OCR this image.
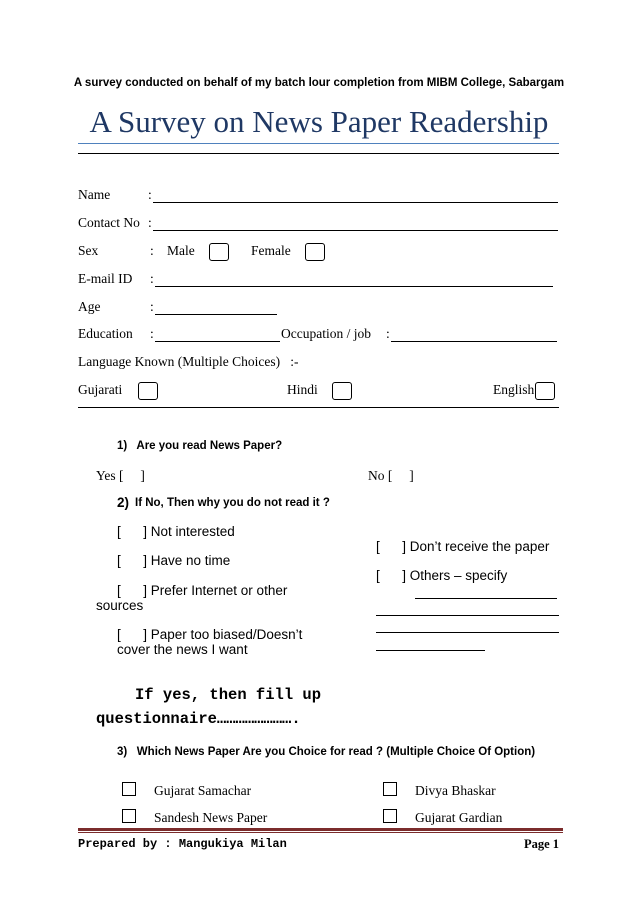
A survey conducted on behalf of my batch lour completion from MIBM College, Sabargam
A Survey on News Paper Readership
Name	:
Contact No :
Sex	: Male	Female
E-mail ID :
Age	:
Education :	Occupation / job :
Language Known (Multiple Choices)   :-
Gujarati	Hindi	English
1)   Are you read News Paper?
Yes [     ]	No [     ]
2) If No, Then why you do not read it ?
[      ] Not interested
[      ] Have no time
[      ] Prefer Internet or other
sources
[      ] Paper too biased/Doesn’t
cover the news I want
[      ] Don’t receive the paper
[      ] Others – specify
If yes, then fill up
questionnaire…………………….
3)   Which News Paper Are you Choice for read ? (Multiple Choice Of Option)
Gujarat Samachar	Divya Bhaskar
Sandesh News Paper	Gujarat Gardian
Prepared by : Mangukiya Milan	Page 1
